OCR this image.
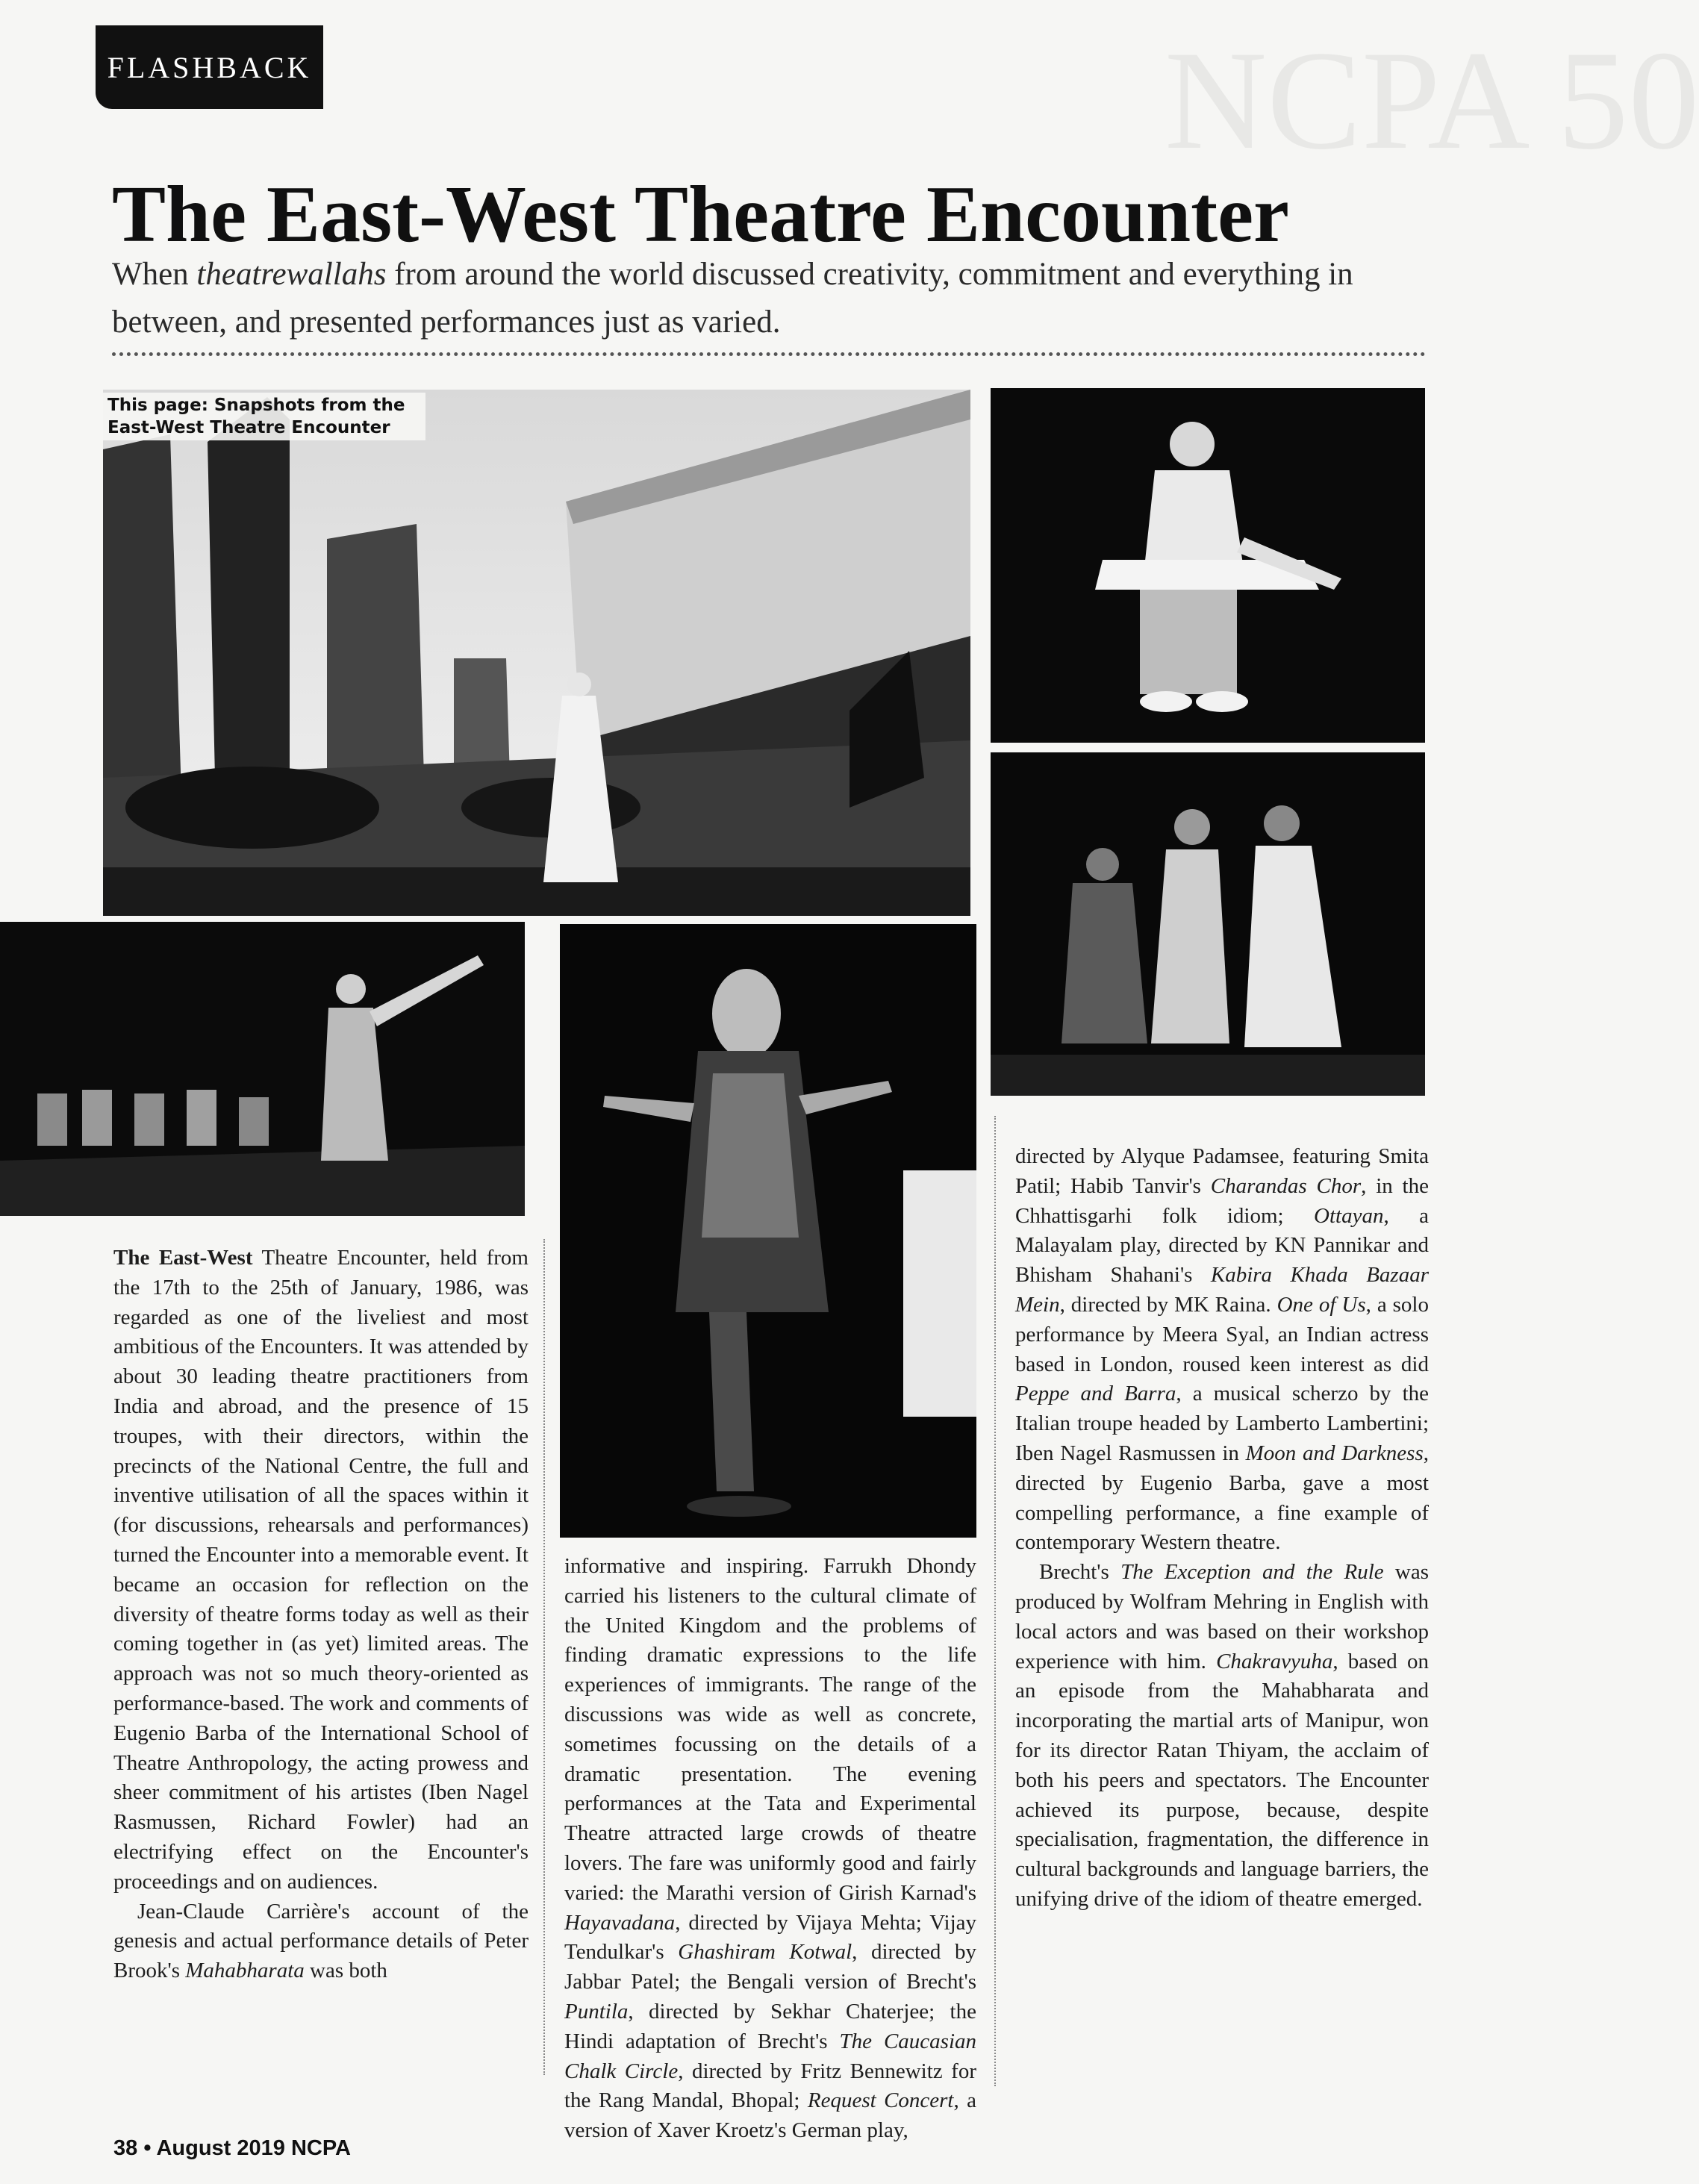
FLASHBACK	NCPA 50
The East-West Theatre Encounter
When theatrewallahs from around the world discussed creativity, commitment and everything in between, and presented performances just as varied.
This page: Snapshots from the
East-West Theatre Encounter

The East-West Theatre Encounter, held from the 17th to the 25th of January, 1986, was regarded as one of the liveliest and most ambitious of the Encounters. It was attended by about 30 leading theatre practitioners from India and abroad, and the presence of 15 troupes, with their directors, within the precincts of the National Centre, the full and inventive utilisation of all the spaces within it (for discussions, rehearsals and performances) turned the Encounter into a memorable event. It became an occasion for reflection on the diversity of theatre forms today as well as their coming together in (as yet) limited areas. The approach was not so much theory-oriented as performance-based. The work and comments of Eugenio Barba of the International School of Theatre Anthropology, the acting prowess and sheer commitment of his artistes (Iben Nagel Rasmussen, Richard Fowler) had an electrifying effect on the Encounter's proceedings and on audiences.

Jean-Claude Carrière's account of the genesis and actual performance details of Peter Brook's Mahabharata was both

informative and inspiring. Farrukh Dhondy carried his listeners to the cultural climate of the United Kingdom and the problems of finding dramatic expressions to the life experiences of immigrants. The range of the discussions was wide as well as concrete, sometimes focussing on the details of a dramatic presentation. The evening performances at the Tata and Experimental Theatre attracted large crowds of theatre lovers. The fare was uniformly good and fairly varied: the Marathi version of Girish Karnad's Hayavadana, directed by Vijaya Mehta; Vijay Tendulkar's Ghashiram Kotwal, directed by Jabbar Patel; the Bengali version of Brecht's Puntila, directed by Sekhar Chaterjee; the Hindi adaptation of Brecht's The Caucasian Chalk Circle, directed by Fritz Bennewitz for the Rang Mandal, Bhopal; Request Concert, a version of Xaver Kroetz's German play,

directed by Alyque Padamsee, featuring Smita Patil; Habib Tanvir's Charandas Chor, in the Chhattisgarhi folk idiom; Ottayan, a Malayalam play, directed by KN Pannikar and Bhisham Shahani's Kabira Khada Bazaar Mein, directed by MK Raina. One of Us, a solo performance by Meera Syal, an Indian actress based in London, roused keen interest as did Peppe and Barra, a musical scherzo by the Italian troupe headed by Lamberto Lambertini; Iben Nagel Rasmussen in Moon and Darkness, directed by Eugenio Barba, gave a most compelling performance, a fine example of contemporary Western theatre.

Brecht's The Exception and the Rule was produced by Wolfram Mehring in English with local actors and was based on their workshop experience with him. Chakravyuha, based on an episode from the Mahabharata and incorporating the martial arts of Manipur, won for its director Ratan Thiyam, the acclaim of both his peers and spectators. The Encounter achieved its purpose, because, despite specialisation, fragmentation, the difference in cultural backgrounds and language barriers, the unifying drive of the idiom of theatre emerged.

38 • August 2019 NCPA
